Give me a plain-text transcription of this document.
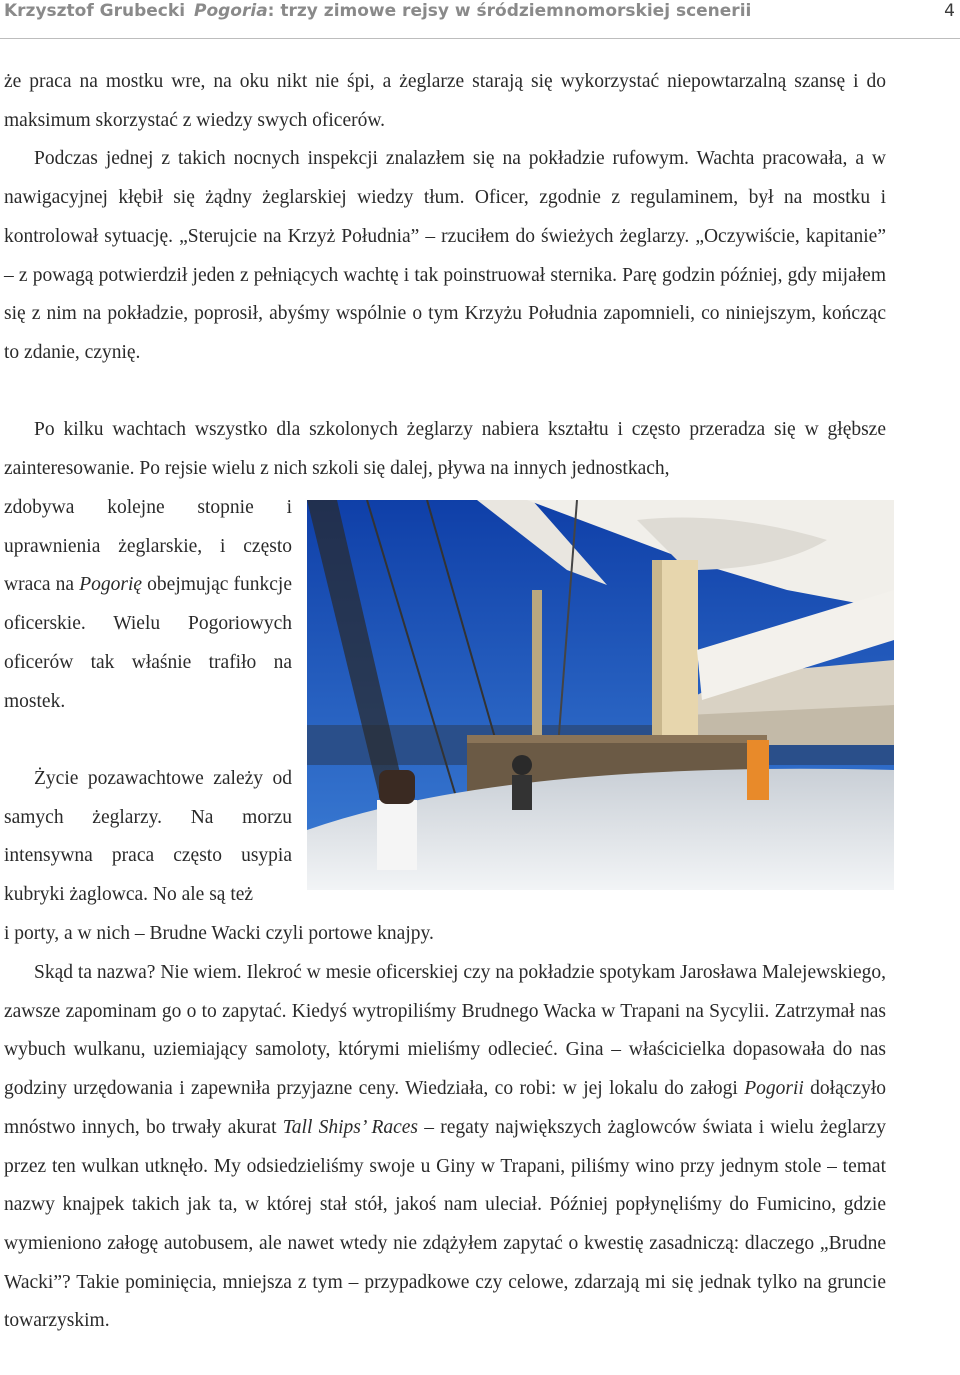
Krzysztof Grubecki Pogoria: trzy zimowe rejsy w śródziemnomorskiej scenerii	4

że praca na mostku wre, na oku nikt nie śpi, a żeglarze starają się wykorzystać niepowtarzalną szansę i do maksimum skorzystać z wiedzy swych oficerów.

Podczas jednej z takich nocnych inspekcji znalazłem się na pokładzie rufowym. Wachta pracowała, a w nawigacyjnej kłębił się żądny żeglarskiej wiedzy tłum. Oficer, zgodnie z regulaminem, był na mostku i kontrolował sytuację. „Sterujcie na Krzyż Południa” – rzuciłem do świeżych żeglarzy. „Oczywiście, kapitanie” – z powagą potwierdził jeden z pełniących wachtę i tak poinstruował sternika. Parę godzin później, gdy mijałem się z nim na pokładzie, poprosił, abyśmy wspólnie o tym Krzyżu Południa zapomnieli, co niniejszym, kończąc to zdanie, czynię.

Po kilku wachtach wszystko dla szkolonych żeglarzy nabiera kształtu i często przeradza się w głębsze zainteresowanie. Po rejsie wielu z nich szkoli się dalej, pływa na innych jednostkach,

zdobywa kolejne stopnie i uprawnienia żeglarskie, i często wraca na Pogorię obejmując funkcje oficerskie. Wielu Pogoriowych oficerów tak właśnie trafiło na mostek.

Życie pozawachtowe zależy od samych żeglarzy. Na morzu intensywna praca często usypia kubryki żaglowca. No ale są też

i porty, a w nich – Brudne Wacki czyli portowe knajpy.

Skąd ta nazwa? Nie wiem. Ilekroć w mesie oficerskiej czy na pokładzie spotykam Jarosława Malejewskiego, zawsze zapominam go o to zapytać. Kiedyś wytropiliśmy Brudnego Wacka w Trapani na Sycylii. Zatrzymał nas wybuch wulkanu, uziemiający samoloty, którymi mieliśmy odlecieć. Gina – właścicielka dopasowała do nas godziny urzędowania i zapewniła przyjazne ceny. Wiedziała, co robi: w jej lokalu do załogi Pogorii dołączyło mnóstwo innych, bo trwały akurat Tall Ships’ Races – regaty największych żaglowców świata i wielu żeglarzy przez ten wulkan utknęło. My odsiedzieliśmy swoje u Giny w Trapani, piliśmy wino przy jednym stole – temat nazwy knajpek takich jak ta, w której stał stół, jakoś nam uleciał. Później popłynęliśmy do Fumicino, gdzie wymieniono załogę autobusem, ale nawet wtedy nie zdążyłem zapytać o kwestię zasadniczą: dlaczego „Brudne Wacki”? Takie pominięcia, mniejsza z tym – przypadkowe czy celowe, zdarzają mi się jednak tylko na gruncie towarzyskim.
